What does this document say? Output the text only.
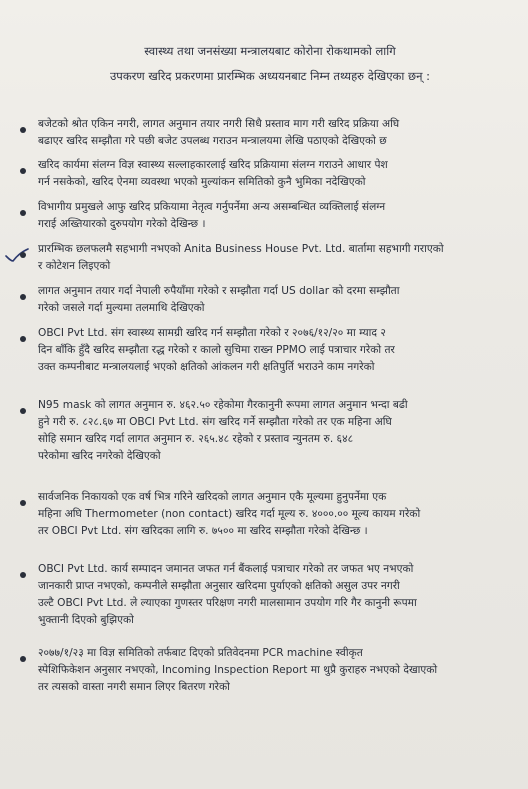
स्वास्थ्य तथा जनसंख्या मन्त्रालयबाट कोरोना रोकथामको लागि
उपकरण खरिद प्रकरणमा प्रारम्भिक अध्ययनबाट निम्न तथ्यहरु देखिएका छन् :
बजेटको श्रोत एकिन नगरी, लागत अनुमान तयार नगरी सिधै प्रस्ताव माग गरी खरिद प्रक्रिया अघि
बढाएर खरिद सम्झौता गरे पछी बजेट उपलब्ध गराउन मन्त्रालयमा लेखि पठाएको देखिएको छ
खरिद कार्यमा संलग्न विज्ञ स्वास्थ्य सल्लाहकारलाई खरिद प्रक्रियामा संलग्न गराउने आधार पेश
गर्न नसकेको, खरिद ऐनमा व्यवस्था भएको मुल्यांकन समितिको कुनै भुमिका नदेखिएको
विभागीय प्रमुखले आफु खरिद प्रकियामा नेतृत्व गर्नुपर्नेमा अन्य असम्बन्धित व्यक्तिलाई संलग्न
गराई अख्तियारको दुरुपयोग गरेको देखिन्छ ।
प्रारम्भिक छलफलमै सहभागी नभएको Anita Business House Pvt. Ltd. बार्तामा सहभागी गराएको
र कोटेशन लिइएको
लागत अनुमान तयार गर्दा नेपाली रुपैयाँमा गरेको र सम्झौता गर्दा US dollar को दरमा सम्झौता
गरेको जसले गर्दा मुल्यमा तलमाथि देखिएको
OBCI Pvt Ltd. संग स्वास्थ्य सामग्री खरिद गर्न सम्झौता गरेको र २०७६/१२/२० मा म्याद २
दिन बाँकि हुँदै खरिद सम्झौता रद्ध गरेको र कालो सुचिमा राख्न PPMO लाई पत्राचार गरेको तर
उक्त कम्पनीबाट मन्त्रालयलाई भएको क्षतिको आंकलन गरी क्षतिपुर्ति भराउने काम नगरेको
N95 mask को लागत अनुमान रु. ४६२.५० रहेकोमा गैरकानुनी रूपमा लागत अनुमान भन्दा बढी
हुने गरी रु. ८२८.६७ मा OBCI Pvt Ltd. संग खरिद गर्ने सम्झौता गरेको तर एक महिना अघि
सोहि समान खरिद गर्दा लागत अनुमान रु. २६५.४८ रहेको र प्रस्ताव न्युनतम रु. ६४८
परेकोमा खरिद नगरेको देखिएको
सार्वजनिक निकायको एक वर्ष भित्र गरिने खरिदको लागत अनुमान एकै मूल्यमा हुनुपर्नेमा एक
महिना अघि Thermometer (non contact) खरिद गर्दा मूल्य रु. ४०००.०० मूल्य कायम गरेको
तर OBCI Pvt Ltd. संग खरिदका लागि रु. ७५०० मा खरिद सम्झौता गरेको देखिन्छ ।
OBCI Pvt Ltd. कार्य सम्पादन जमानत जफत गर्न बैंकलाई पत्राचार गरेको तर जफत भए नभएको
जानकारी प्राप्त नभएको, कम्पनीले सम्झौता अनुसार खरिदमा पुर्याएको क्षतिको असुल उपर नगरी
उल्टै OBCI Pvt Ltd. ले ल्याएका गुणस्तर परिक्षण नगरी मालसामान उपयोग गरि गैर कानुनी रूपमा
भुक्तानी दिएको बुझिएको
२०७७/१/२३ मा विज्ञ समितिको तर्फबाट दिएको प्रतिवेदनमा PCR machine स्वीकृत
स्पेशिफिकेशन अनुसार नभएको, Incoming Inspection Report मा थुप्रै कुराहरु नभएको देखाएको
तर त्यसको वास्ता नगरी समान लिएर बितरण गरेको
